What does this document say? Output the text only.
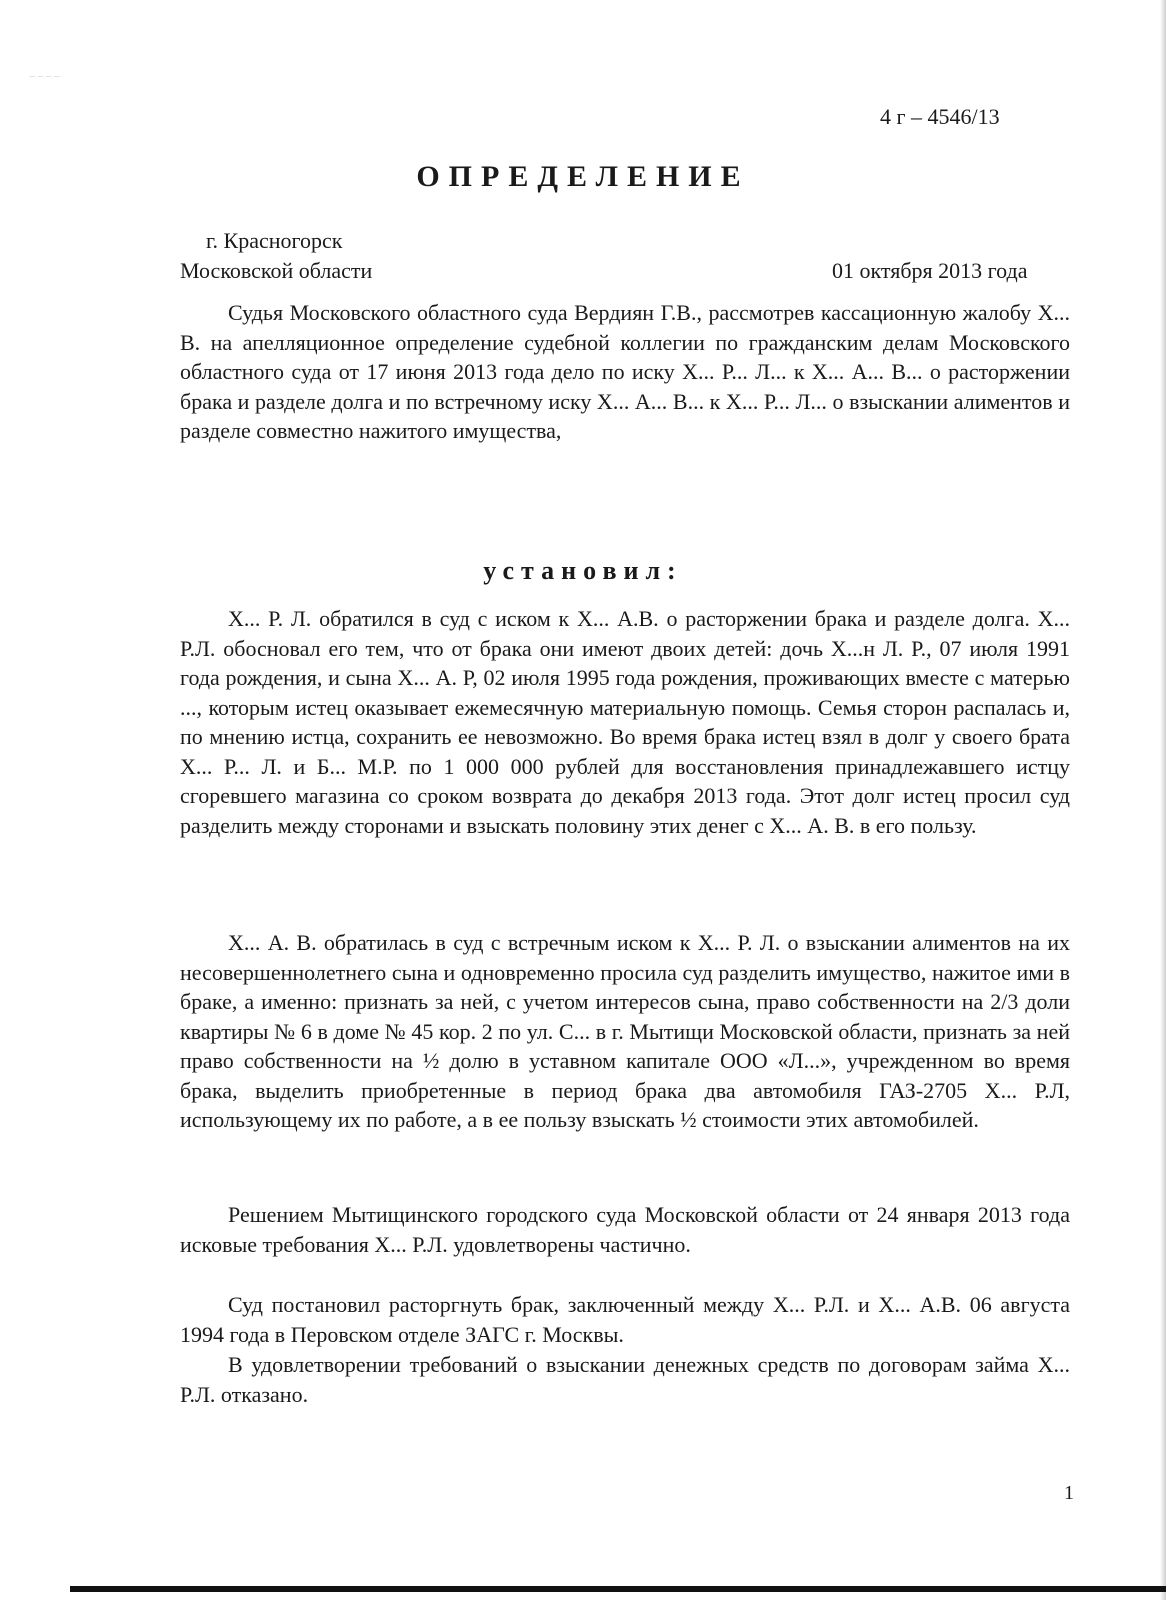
‾ ‾ ‾ ‾
4 г – 4546/13
ОПРЕДЕЛЕНИЕ
г. Красногорск
Московской области	01 октября 2013 года

Судья Московского областного суда Вердиян Г.В., рассмотрев кассационную жалобу Х... В. на апелляционное определение судебной коллегии по гражданским делам Московского областного суда от 17 июня 2013 года дело по иску Х... Р... Л... к Х... А... В... о расторжении брака и разделе долга и по встречному иску Х... А... В... к Х... Р... Л... о взыскании алиментов и разделе совместно нажитого имущества,

установил:

Х... Р. Л. обратился в суд с иском к Х... А.В. о расторжении брака и разделе долга. Х... Р.Л. обосновал его тем, что от брака они имеют двоих детей: дочь Х...н Л. Р., 07 июля 1991 года рождения, и сына Х... А. Р, 02 июля 1995 года рождения, проживающих вместе с матерью ..., которым истец оказывает ежемесячную материальную помощь. Семья сторон распалась и, по мнению истца, сохранить ее невозможно. Во время брака истец взял в долг у своего брата Х... Р... Л. и Б... М.Р. по 1 000 000 рублей для восстановления принадлежавшего истцу сгоревшего магазина со сроком возврата до декабря 2013 года. Этот долг истец просил суд разделить между сторонами и взыскать половину этих денег с Х... А. В. в его пользу.

Х... А. В. обратилась в суд с встречным иском к Х... Р. Л. о взыскании алиментов на их несовершеннолетнего сына и одновременно просила суд разделить имущество, нажитое ими в браке, а именно: признать за ней, с учетом интересов сына, право собственности на 2/3 доли квартиры № 6 в доме № 45 кор. 2 по ул. С... в г. Мытищи Московской области, признать за ней право собственности на ½ долю в уставном капитале ООО «Л...», учрежденном во время брака, выделить приобретенные в период брака два автомобиля ГАЗ-2705 Х... Р.Л, использующему их по работе, а в ее пользу взыскать ½ стоимости этих автомобилей.

Решением Мытищинского городского суда Московской области от 24 января 2013 года исковые требования Х... Р.Л. удовлетворены частично.

Суд постановил расторгнуть брак, заключенный между Х... Р.Л. и Х... А.В. 06 августа 1994 года в Перовском отделе ЗАГС г. Москвы.

В удовлетворении требований о взыскании денежных средств по договорам займа Х... Р.Л. отказано.

1
